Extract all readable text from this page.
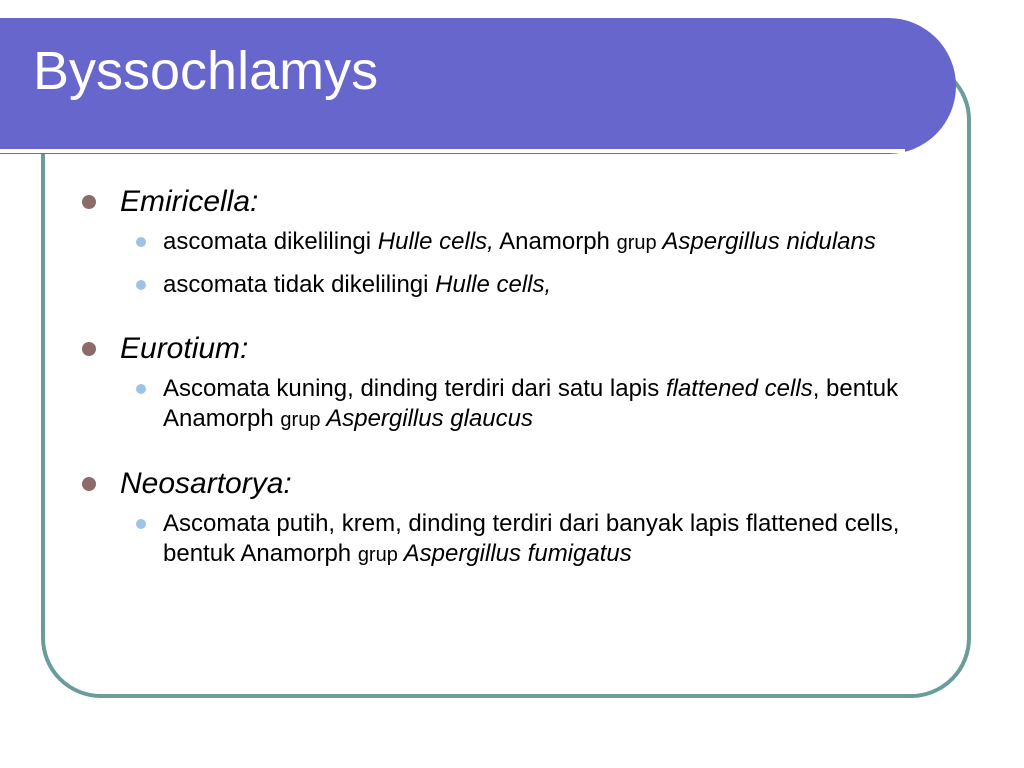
Byssochlamys
Emiricella:
ascomata dikelilingi Hulle cells, Anamorph grup Aspergillus nidulans
ascomata tidak dikelilingi Hulle cells,
Eurotium:
Ascomata kuning, dinding terdiri dari satu lapis flattened cells, bentuk Anamorph grup Aspergillus glaucus
Neosartorya:
Ascomata putih, krem, dinding terdiri dari banyak lapis flattened cells, bentuk Anamorph grup Aspergillus fumigatus
